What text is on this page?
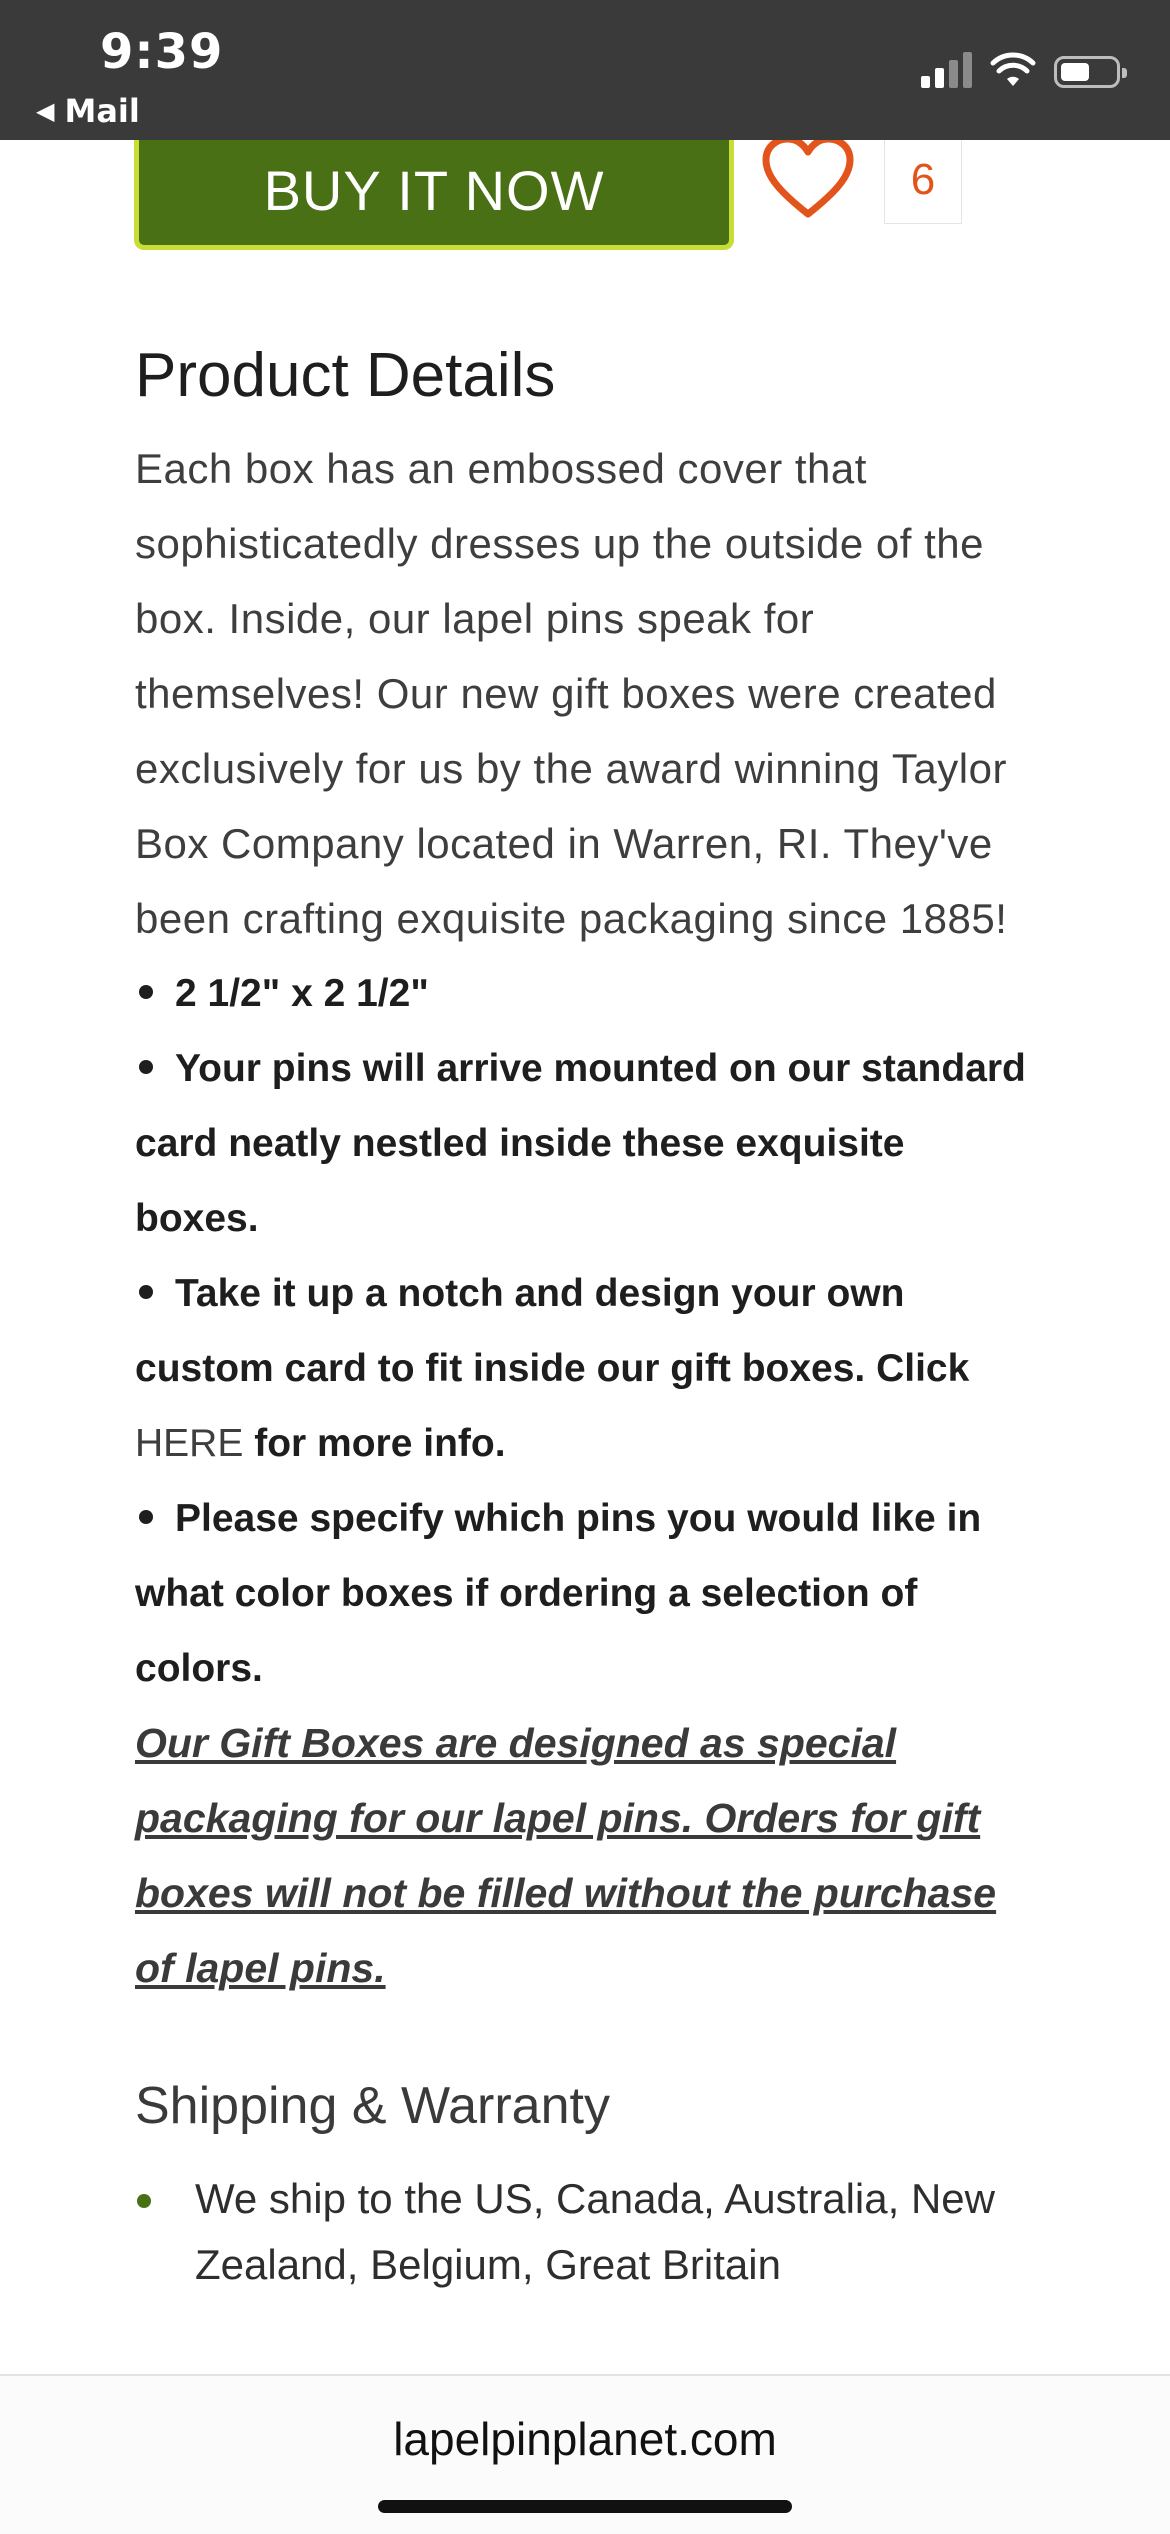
9:39
◀ Mail
BUY IT NOW	6
Product Details

Each box has an embossed cover that sophisticatedly dresses up the outside of the box. Inside, our lapel pins speak for themselves! Our new gift boxes were created exclusively for us by the award winning Taylor Box Company located in Warren, RI. They've been crafting exquisite packaging since 1885!

2 1/2" x 2 1/2"
Your pins will arrive mounted on our standard card neatly nestled inside these exquisite boxes.
Take it up a notch and design your own custom card to fit inside our gift boxes. Click HERE for more info.
Please specify which pins you would like in what color boxes if ordering a selection of colors.

Our Gift Boxes are designed as special packaging for our lapel pins. Orders for gift boxes will not be filled without the purchase of lapel pins.

Shipping & Warranty
We ship to the US, Canada, Australia, New Zealand, Belgium, Great Britain
lapelpinplanet.com
